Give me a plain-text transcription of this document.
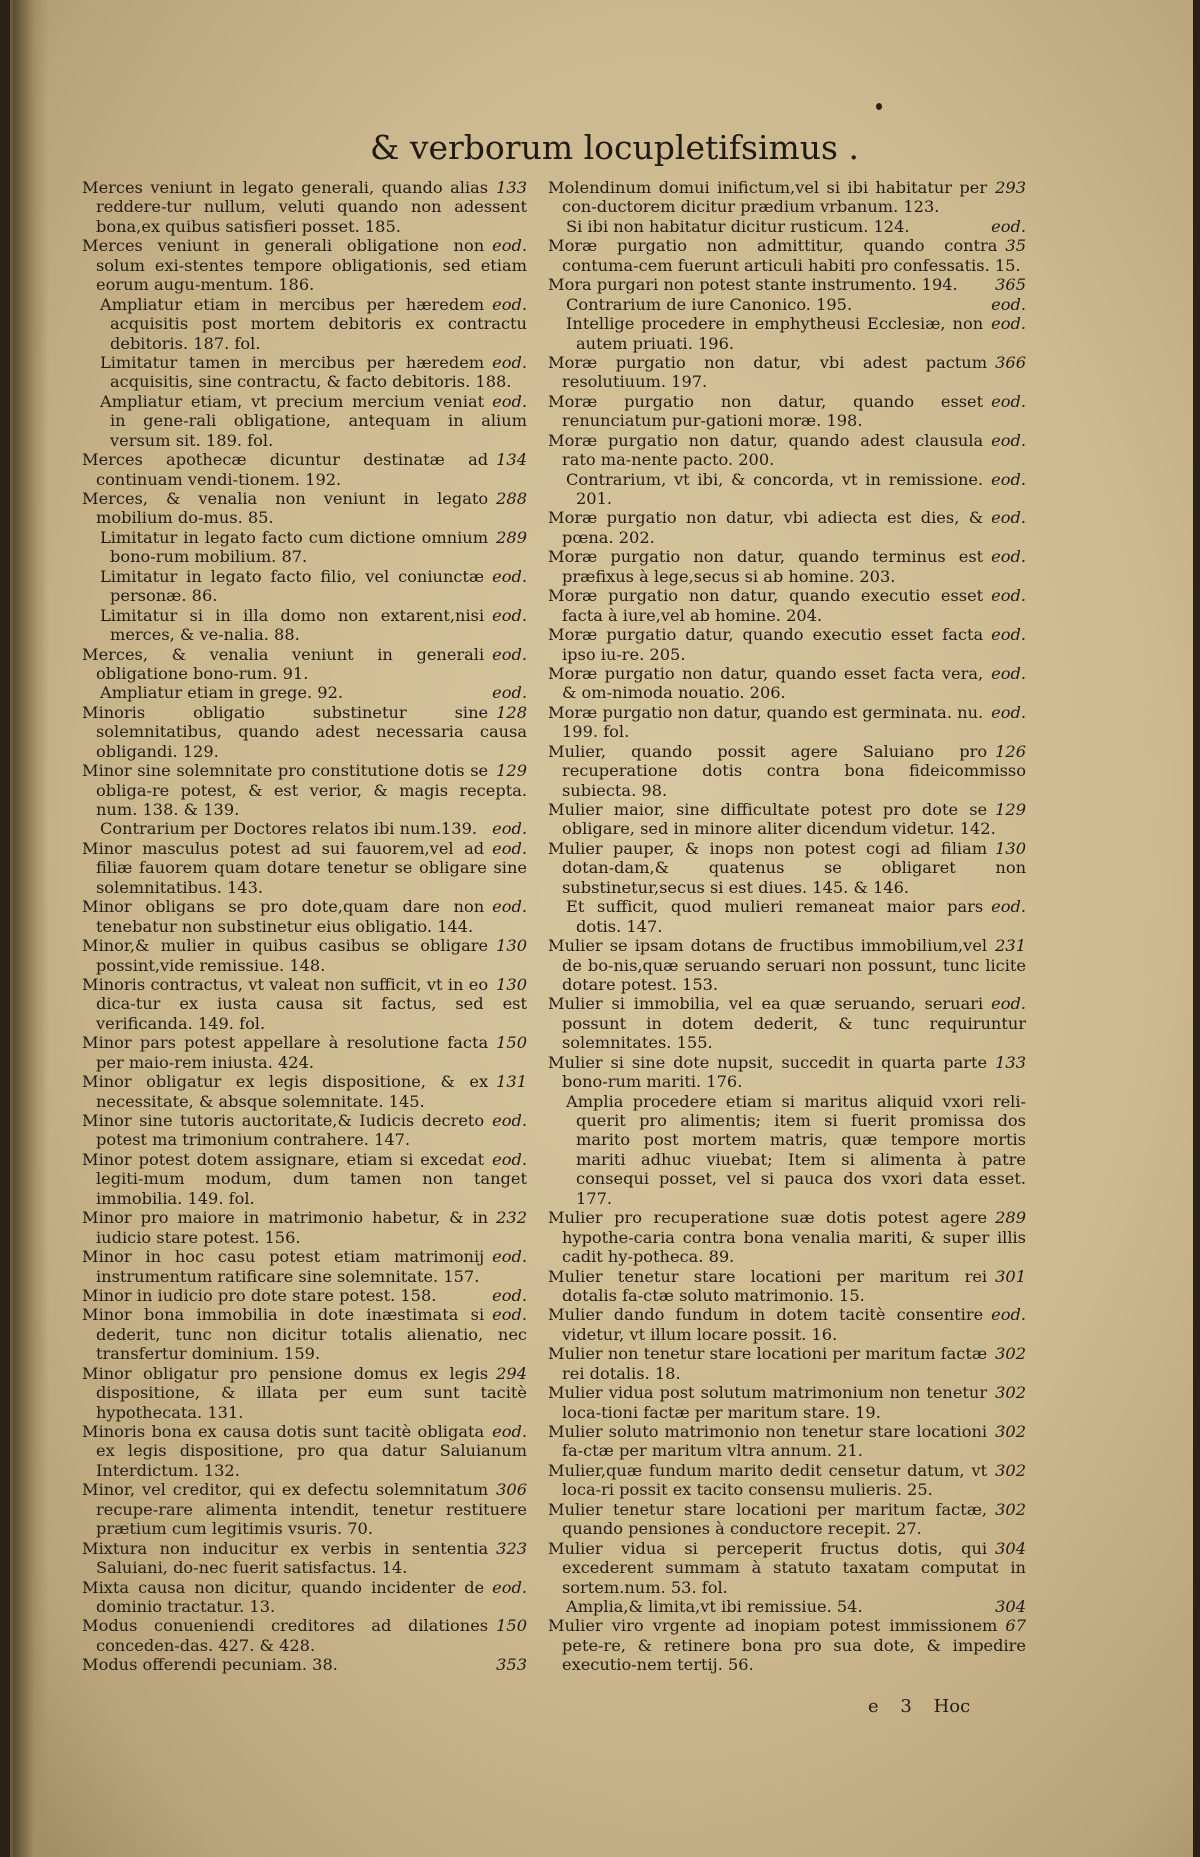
& verborum locupletifsimus .

133
Merces veniunt in legato generali, quando alias reddere-tur nullum, veluti quando non adessent bona,ex quibus satisfieri posset. 185.

eod.
Merces veniunt in generali obligatione non solum exi-stentes tempore obligationis, sed etiam eorum augu-mentum. 186.

eod.
Ampliatur etiam in mercibus per hæredem acquisitis post mortem debitoris ex contractu debitoris. 187. fol.

eod.
Limitatur tamen in mercibus per hæredem acquisitis, sine contractu, & facto debitoris. 188.

eod.
Ampliatur etiam, vt precium mercium veniat in gene-rali obligatione, antequam in alium versum sit. 189. fol.

134
Merces apothecæ dicuntur destinatæ ad continuam vendi-tionem. 192.

288
Merces, & venalia non veniunt in legato mobilium do-mus. 85.

289
Limitatur in legato facto cum dictione omnium bono-rum mobilium. 87.

eod.
Limitatur in legato facto filio, vel coniunctæ personæ. 86.

eod.
Limitatur si in illa domo non extarent,nisi merces, & ve-nalia. 88.

eod.
Merces, & venalia veniunt in generali obligatione bono-rum. 91.

eod.
Ampliatur etiam in grege. 92.

128
Minoris obligatio substinetur sine solemnitatibus, quando adest necessaria causa obligandi. 129.

129
Minor sine solemnitate pro constitutione dotis se obliga-re potest, & est verior, & magis recepta. num. 138. & 139.

eod.
Contrarium per Doctores relatos ibi num.139.

eod.
Minor masculus potest ad sui fauorem,vel ad filiæ fauorem quam dotare tenetur se obligare sine solemnitatibus. 143.

eod.
Minor obligans se pro dote,quam dare non tenebatur non substinetur eius obligatio. 144.

130
Minor,& mulier in quibus casibus se obligare possint,vide remissiue. 148.

130
Minoris contractus, vt valeat non sufficit, vt in eo dica-tur ex iusta causa sit factus, sed est verificanda. 149. fol.

150
Minor pars potest appellare à resolutione facta per maio-rem iniusta. 424.

131
Minor obligatur ex legis dispositione, & ex necessitate, & absque solemnitate. 145.

eod.
Minor sine tutoris auctoritate,& Iudicis decreto potest ma trimonium contrahere. 147.

eod.
Minor potest dotem assignare, etiam si excedat legiti-mum modum, dum tamen non tanget immobilia. 149. fol.

232
Minor pro maiore in matrimonio habetur, & in iudicio stare potest. 156.

eod.
Minor in hoc casu potest etiam matrimonij instrumentum ratificare sine solemnitate. 157.

eod.
Minor in iudicio pro dote stare potest. 158.

eod.
Minor bona immobilia in dote inæstimata si dederit, tunc non dicitur totalis alienatio, nec transfertur dominium. 159.

294
Minor obligatur pro pensione domus ex legis dispositione, & illata per eum sunt tacitè hypothecata. 131.

eod.
Minoris bona ex causa dotis sunt tacitè obligata ex legis dispositione, pro qua datur Saluianum Interdictum. 132.

306
Minor, vel creditor, qui ex defectu solemnitatum recupe-rare alimenta intendit, tenetur restituere prætium cum legitimis vsuris. 70.

323
Mixtura non inducitur ex verbis in sententia Saluiani, do-nec fuerit satisfactus. 14.

eod.
Mixta causa non dicitur, quando incidenter de dominio tractatur. 13.

150
Modus conueniendi creditores ad dilationes conceden-das. 427. & 428.

353
Modus offerendi pecuniam. 38.

293
Molendinum domui inifictum,vel si ibi habitatur per con-ductorem dicitur prædium vrbanum. 123.

eod.
Si ibi non habitatur dicitur rusticum. 124.

35
Moræ purgatio non admittitur, quando contra contuma-cem fuerunt articuli habiti pro confessatis. 15.

365
Mora purgari non potest stante instrumento. 194.

eod.
Contrarium de iure Canonico. 195.

eod.
Intellige procedere in emphytheusi Ecclesiæ, non autem priuati. 196.

366
Moræ purgatio non datur, vbi adest pactum resolutiuum. 197.

eod.
Moræ purgatio non datur, quando esset renunciatum pur-gationi moræ. 198.

eod.
Moræ purgatio non datur, quando adest clausula rato ma-nente pacto. 200.

eod.
Contrarium, vt ibi, & concorda, vt in remissione. 201.

eod.
Moræ purgatio non datur, vbi adiecta est dies, & pœna. 202.

eod.
Moræ purgatio non datur, quando terminus est præfixus à lege,secus si ab homine. 203.

eod.
Moræ purgatio non datur, quando executio esset facta à iure,vel ab homine. 204.

eod.
Moræ purgatio datur, quando executio esset facta ipso iu-re. 205.

eod.
Moræ purgatio non datur, quando esset facta vera, & om-nimoda nouatio. 206.

eod.
Moræ purgatio non datur, quando est germinata. nu. 199. fol.

126
Mulier, quando possit agere Saluiano pro recuperatione dotis contra bona fideicommisso subiecta. 98.

129
Mulier maior, sine difficultate potest pro dote se obligare, sed in minore aliter dicendum videtur. 142.

130
Mulier pauper, & inops non potest cogi ad filiam dotan-dam,& quatenus se obligaret non substinetur,secus si est diues. 145. & 146.

eod.
Et sufficit, quod mulieri remaneat maior pars dotis. 147.

231
Mulier se ipsam dotans de fructibus immobilium,vel de bo-nis,quæ seruando seruari non possunt, tunc licite dotare potest. 153.

eod.
Mulier si immobilia, vel ea quæ seruando, seruari possunt in dotem dederit, & tunc requiruntur solemnitates. 155.

133
Mulier si sine dote nupsit, succedit in quarta parte bono-rum mariti. 176.

Amplia procedere etiam si maritus aliquid vxori reli-querit pro alimentis; item si fuerit promissa dos marito post mortem matris, quæ tempore mortis mariti adhuc viuebat; Item si alimenta à patre consequi posset, vel si pauca dos vxori data esset. 177.

289
Mulier pro recuperatione suæ dotis potest agere hypothe-caria contra bona venalia mariti, & super illis cadit hy-potheca. 89.

301
Mulier tenetur stare locationi per maritum rei dotalis fa-ctæ soluto matrimonio. 15.

eod.
Mulier dando fundum in dotem tacitè consentire videtur, vt illum locare possit. 16.

302
Mulier non tenetur stare locationi per maritum factæ rei dotalis. 18.

302
Mulier vidua post solutum matrimonium non tenetur loca-tioni factæ per maritum stare. 19.

302
Mulier soluto matrimonio non tenetur stare locationi fa-ctæ per maritum vltra annum. 21.

302
Mulier,quæ fundum marito dedit censetur datum, vt loca-ri possit ex tacito consensu mulieris. 25.

302
Mulier tenetur stare locationi per maritum factæ, quando pensiones à conductore recepit. 27.

304
Mulier vidua si perceperit fructus dotis, qui excederent summam à statuto taxatam computat in sortem.num. 53. fol.

304
Amplia,& limita,vt ibi remissiue. 54.

67
Mulier viro vrgente ad inopiam potest immissionem pete-re, & retinere bona pro sua dote, & impedire executio-nem tertij. 56.

e 3 Hoc
